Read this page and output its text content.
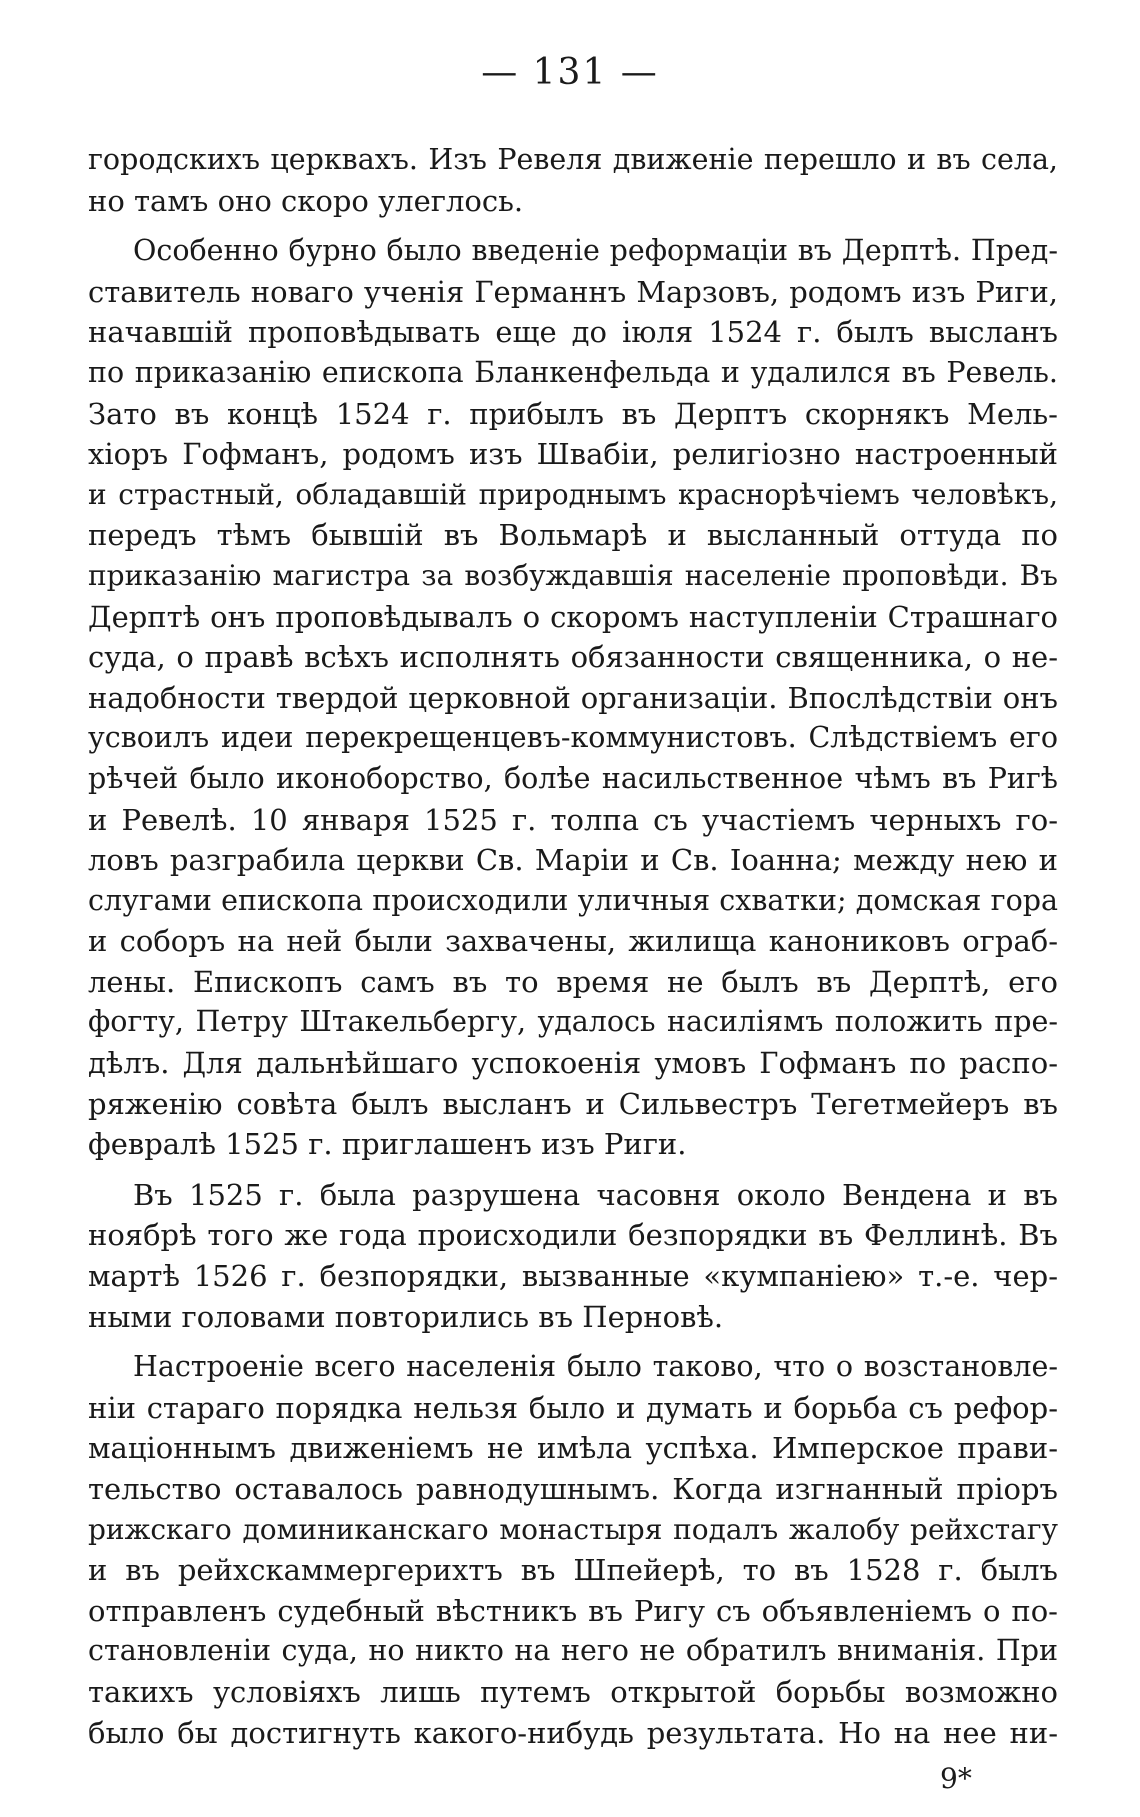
— 131 —
городскихъ церквахъ. Изъ Ревеля движенie перешло и въ села,
но тамъ оно скоро улеглось.
Особенно бурно было введенie реформацiи въ Дерптѣ. Пред-
ставитель новаго ученiя Германнъ Марзовъ, родомъ изъ Риги,
начавшiй проповѣдывать еще до iюля 1524 г. былъ высланъ
по приказанiю епископа Бланкенфельда и удалился въ Ревель.
Зато въ концѣ 1524 г. прибылъ въ Дерптъ скорнякъ Мель-
хiоръ Гофманъ, родомъ изъ Швабiи, религiозно настроенный
и страстный, обладавшiй природнымъ краснорѣчiемъ человѣкъ,
передъ тѣмъ бывшiй въ Вольмарѣ и высланный оттуда по
приказанiю магистра за возбуждавшiя населенiе проповѣди. Въ
Дерптѣ онъ проповѣдывалъ о скоромъ наступленiи Страшнаго
суда, о правѣ всѣхъ исполнять обязанности священника, о не-
надобности твердой церковной организацiи. Впослѣдствiи онъ
усвоилъ идеи перекрещенцевъ-коммунистовъ. Слѣдствiемъ его
рѣчей было иконоборство, болѣе насильственное чѣмъ въ Ригѣ
и Ревелѣ. 10 января 1525 г. толпа съ участiемъ черныхъ го-
ловъ разграбила церкви Св. Марiи и Св. Iоанна; между нею и
слугами епископа происходили уличныя схватки; домская гора
и соборъ на ней были захвачены, жилища канониковъ ограб-
лены. Епископъ самъ въ то время не былъ въ Дерптѣ, его
фогту, Петру Штакельбергу, удалось насилiямъ положить пре-
дѣлъ. Для дальнѣйшаго успокоенiя умовъ Гофманъ по распо-
ряженiю совѣта былъ высланъ и Сильвестръ Тегетмейеръ въ
февралѣ 1525 г. приглашенъ изъ Риги.
Въ 1525 г. была разрушена часовня около Вендена и въ
ноябрѣ того же года происходили безпорядки въ Феллинѣ. Въ
мартѣ 1526 г. безпорядки, вызванные «кумпанiею» т.-е. чер-
ными головами повторились въ Перновѣ.
Настроенiе всего населенiя было таково, что о возстановле-
нiи стараго порядка нельзя было и думать и борьба съ рефор-
мацiоннымъ движенiемъ не имѣла успѣха. Имперское прави-
тельство оставалось равнодушнымъ. Когда изгнанный прiоръ
рижскаго доминиканскаго монастыря подалъ жалобу рейхстагу
и въ рейхскаммергерихтъ въ Шпейерѣ, то въ 1528 г. былъ
отправленъ судебный вѣстникъ въ Ригу съ объявленiемъ о по-
становленiи суда, но никто на него не обратилъ вниманiя. При
такихъ условiяхъ лишь путемъ открытой борьбы возможно
было бы достигнуть какого-нибудь результата. Но на нее ни-
9*
